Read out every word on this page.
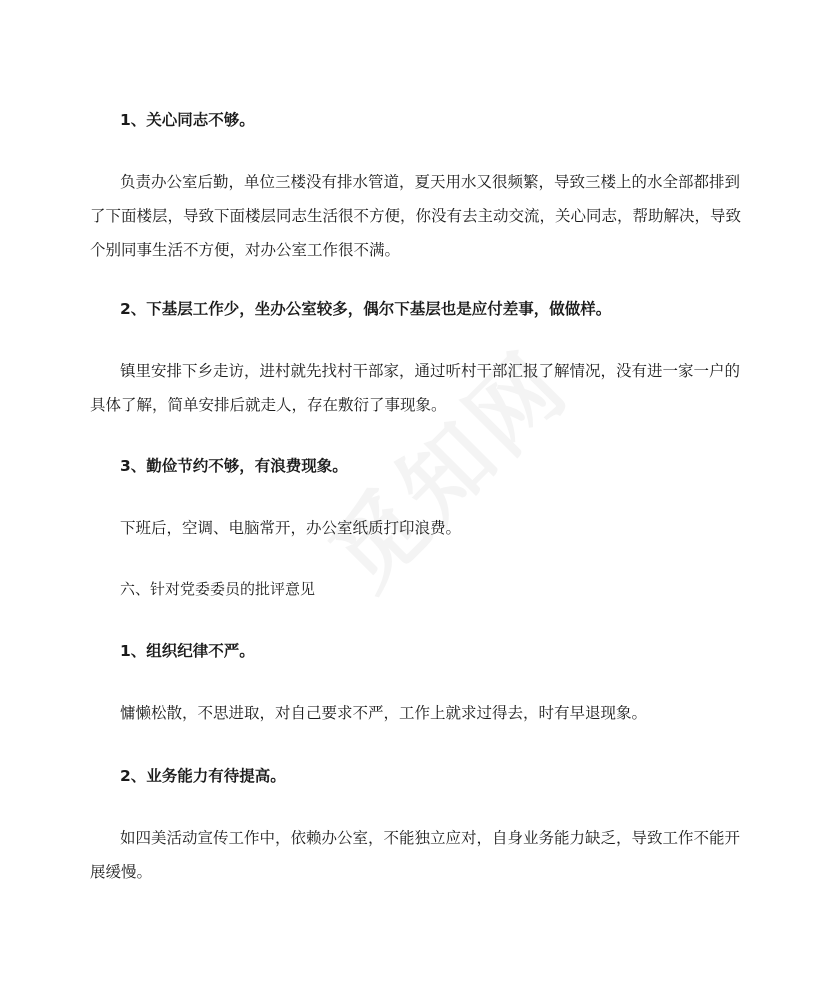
1、关心同志不够。

负责办公室后勤，单位三楼没有排水管道，夏天用水又很频繁，导致三楼上的水全部都排到了下面楼层，导致下面楼层同志生活很不方便，你没有去主动交流，关心同志，帮助解决，导致个别同事生活不方便，对办公室工作很不满。

2、下基层工作少，坐办公室较多，偶尔下基层也是应付差事，做做样。

镇里安排下乡走访，进村就先找村干部家，通过听村干部汇报了解情况，没有进一家一户的具体了解，简单安排后就走人，存在敷衍了事现象。

3、勤俭节约不够，有浪费现象。

下班后，空调、电脑常开，办公室纸质打印浪费。

六、针对党委委员的批评意见

1、组织纪律不严。

慵懒松散，不思进取，对自己要求不严，工作上就求过得去，时有早退现象。

2、业务能力有待提高。

如四美活动宣传工作中，依赖办公室，不能独立应对，自身业务能力缺乏，导致工作不能开展缓慢。
